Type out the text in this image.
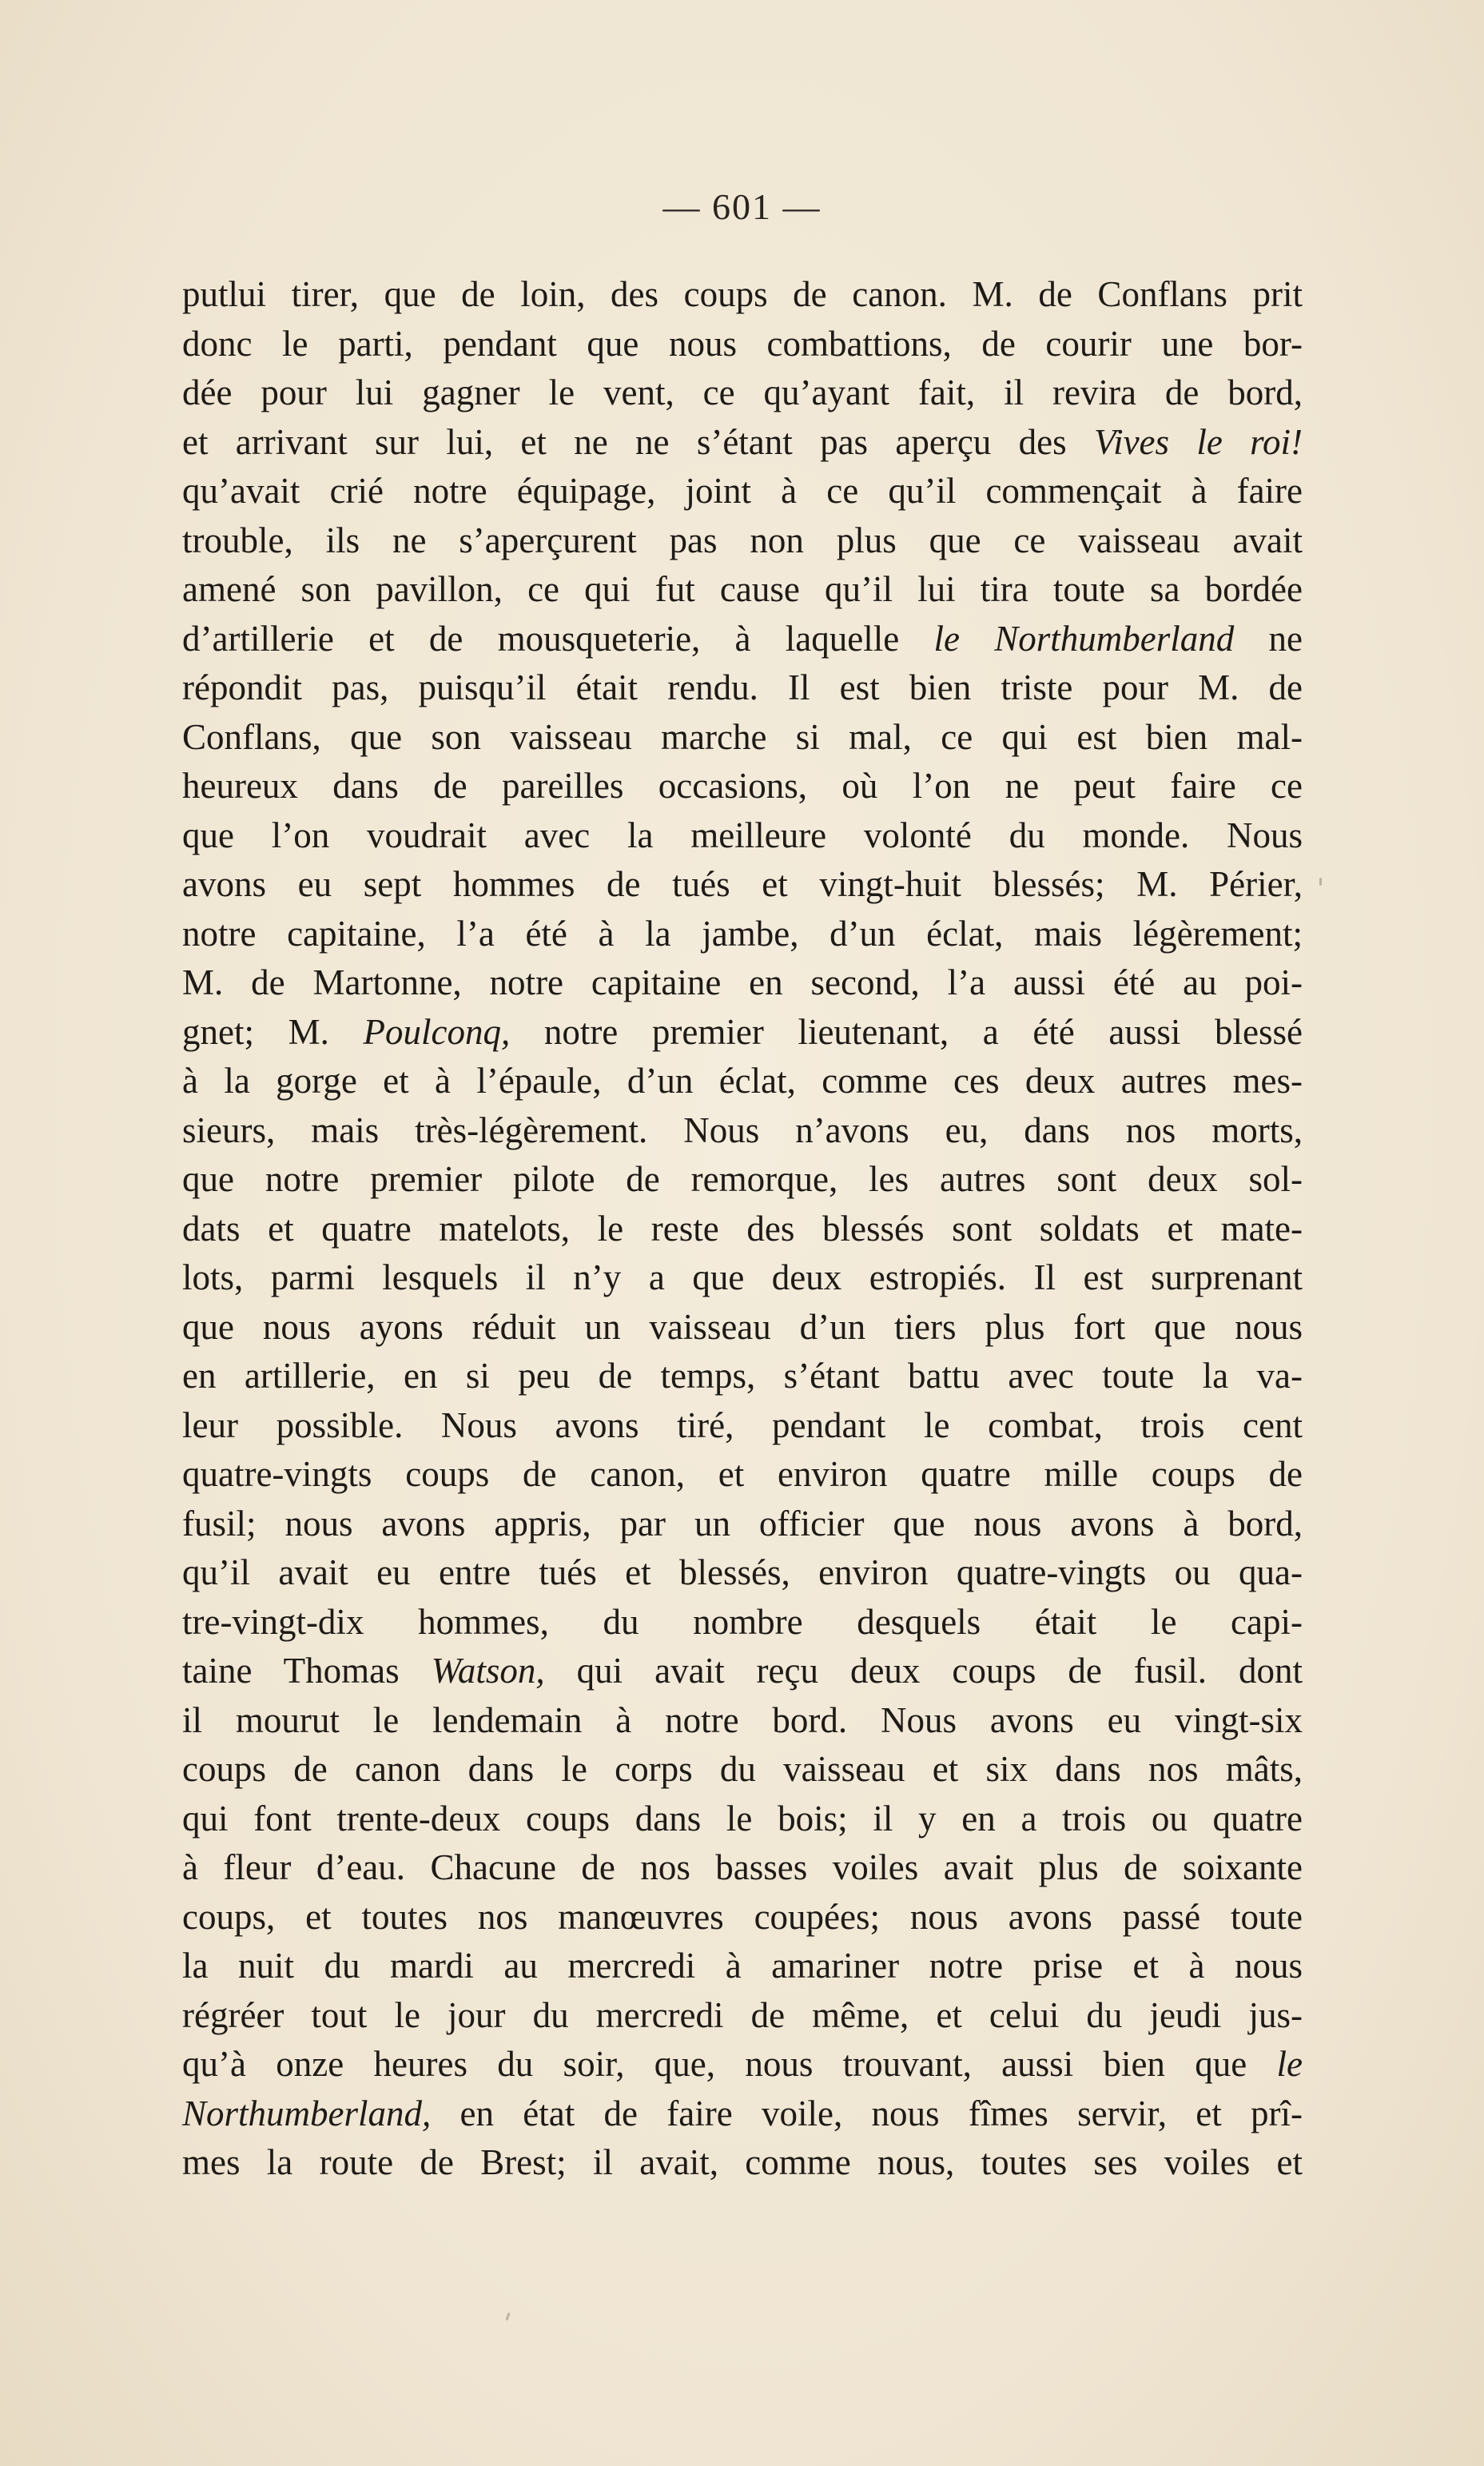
— 601 —
putlui tirer, que de loin, des coups de canon. M. de Conflans prit
donc le parti, pendant que nous combattions, de courir une bor-
dée pour lui gagner le vent, ce qu’ayant fait, il revira de bord,
et arrivant sur lui, et ne ne s’étant pas aperçu des Vives le roi!
qu’avait crié notre équipage, joint à ce qu’il commençait à faire
trouble, ils ne s’aperçurent pas non plus que ce vaisseau avait
amené son pavillon, ce qui fut cause qu’il lui tira toute sa bordée
d’artillerie et de mousqueterie, à laquelle le Northumberland ne
répondit pas, puisqu’il était rendu. Il est bien triste pour M. de
Conflans, que son vaisseau marche si mal, ce qui est bien mal-
heureux dans de pareilles occasions, où l’on ne peut faire ce
que l’on voudrait avec la meilleure volonté du monde. Nous
avons eu sept hommes de tués et vingt-huit blessés; M. Périer,
notre capitaine, l’a été à la jambe, d’un éclat, mais légèrement;
M. de Martonne, notre capitaine en second, l’a aussi été au poi-
gnet; M. Poulconq, notre premier lieutenant, a été aussi blessé
à la gorge et à l’épaule, d’un éclat, comme ces deux autres mes-
sieurs, mais très-légèrement. Nous n’avons eu, dans nos morts,
que notre premier pilote de remorque, les autres sont deux sol-
dats et quatre matelots, le reste des blessés sont soldats et mate-
lots, parmi lesquels il n’y a que deux estropiés. Il est surprenant
que nous ayons réduit un vaisseau d’un tiers plus fort que nous
en artillerie, en si peu de temps, s’étant battu avec toute la va-
leur possible. Nous avons tiré, pendant le combat, trois cent
quatre-vingts coups de canon, et environ quatre mille coups de
fusil; nous avons appris, par un officier que nous avons à bord,
qu’il avait eu entre tués et blessés, environ quatre-vingts ou qua-
tre-vingt-dix hommes, du nombre desquels était le capi-
taine Thomas Watson, qui avait reçu deux coups de fusil. dont
il mourut le lendemain à notre bord. Nous avons eu vingt-six
coups de canon dans le corps du vaisseau et six dans nos mâts,
qui font trente-deux coups dans le bois; il y en a trois ou quatre
à fleur d’eau. Chacune de nos basses voiles avait plus de soixante
coups, et toutes nos manœuvres coupées; nous avons passé toute
la nuit du mardi au mercredi à amariner notre prise et à nous
régréer tout le jour du mercredi de même, et celui du jeudi jus-
qu’à onze heures du soir, que, nous trouvant, aussi bien que le
Northumberland, en état de faire voile, nous fîmes servir, et prî-
mes la route de Brest; il avait, comme nous, toutes ses voiles et
